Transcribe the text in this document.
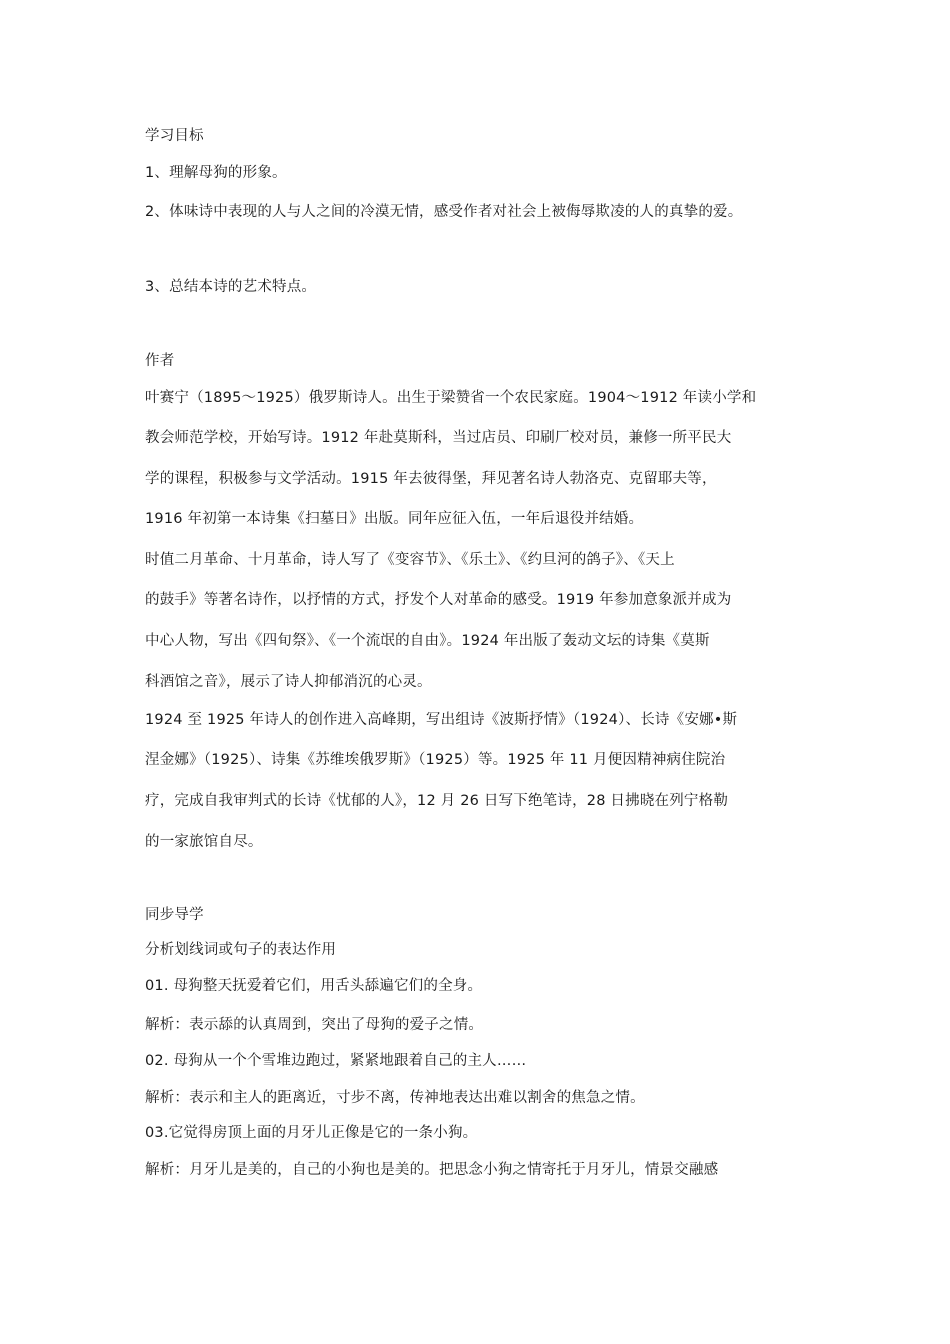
学习目标
1、理解母狗的形象。
2、体味诗中表现的人与人之间的冷漠无情，感受作者对社会上被侮辱欺凌的人的真挚的爱。
3、总结本诗的艺术特点。
作者
叶赛宁（1895～1925）俄罗斯诗人。出生于梁赞省一个农民家庭。1904～1912 年读小学和
教会师范学校，开始写诗。1912 年赴莫斯科，当过店员、印刷厂校对员，兼修一所平民大
学的课程，积极参与文学活动。1915 年去彼得堡，拜见著名诗人勃洛克、克留耶夫等，
1916 年初第一本诗集《扫墓日》出版。同年应征入伍，一年后退役并结婚。
时值二月革命、十月革命，诗人写了《变容节》、《乐土》、《约旦河的鸽子》、《天上
的鼓手》等著名诗作，以抒情的方式，抒发个人对革命的感受。1919 年参加意象派并成为
中心人物，写出《四旬祭》、《一个流氓的自由》。1924 年出版了轰动文坛的诗集《莫斯
科酒馆之音》，展示了诗人抑郁消沉的心灵。
1924 至 1925 年诗人的创作进入高峰期，写出组诗《波斯抒情》（1924）、长诗《安娜•斯
涅金娜》（1925）、诗集《苏维埃俄罗斯》（1925）等。1925 年 11 月便因精神病住院治
疗，完成自我审判式的长诗《忧郁的人》，12 月 26 日写下绝笔诗，28 日拂晓在列宁格勒
的一家旅馆自尽。
同步导学
分析划线词或句子的表达作用
01. 母狗整天抚爱着它们，用舌头舔遍它们的全身。
解析：表示舔的认真周到，突出了母狗的爱子之情。
02. 母狗从一个个雪堆边跑过，紧紧地跟着自己的主人……
解析：表示和主人的距离近，寸步不离，传神地表达出难以割舍的焦急之情。
03.它觉得房顶上面的月牙儿正像是它的一条小狗。
解析：月牙儿是美的，自己的小狗也是美的。把思念小狗之情寄托于月牙儿，情景交融感
